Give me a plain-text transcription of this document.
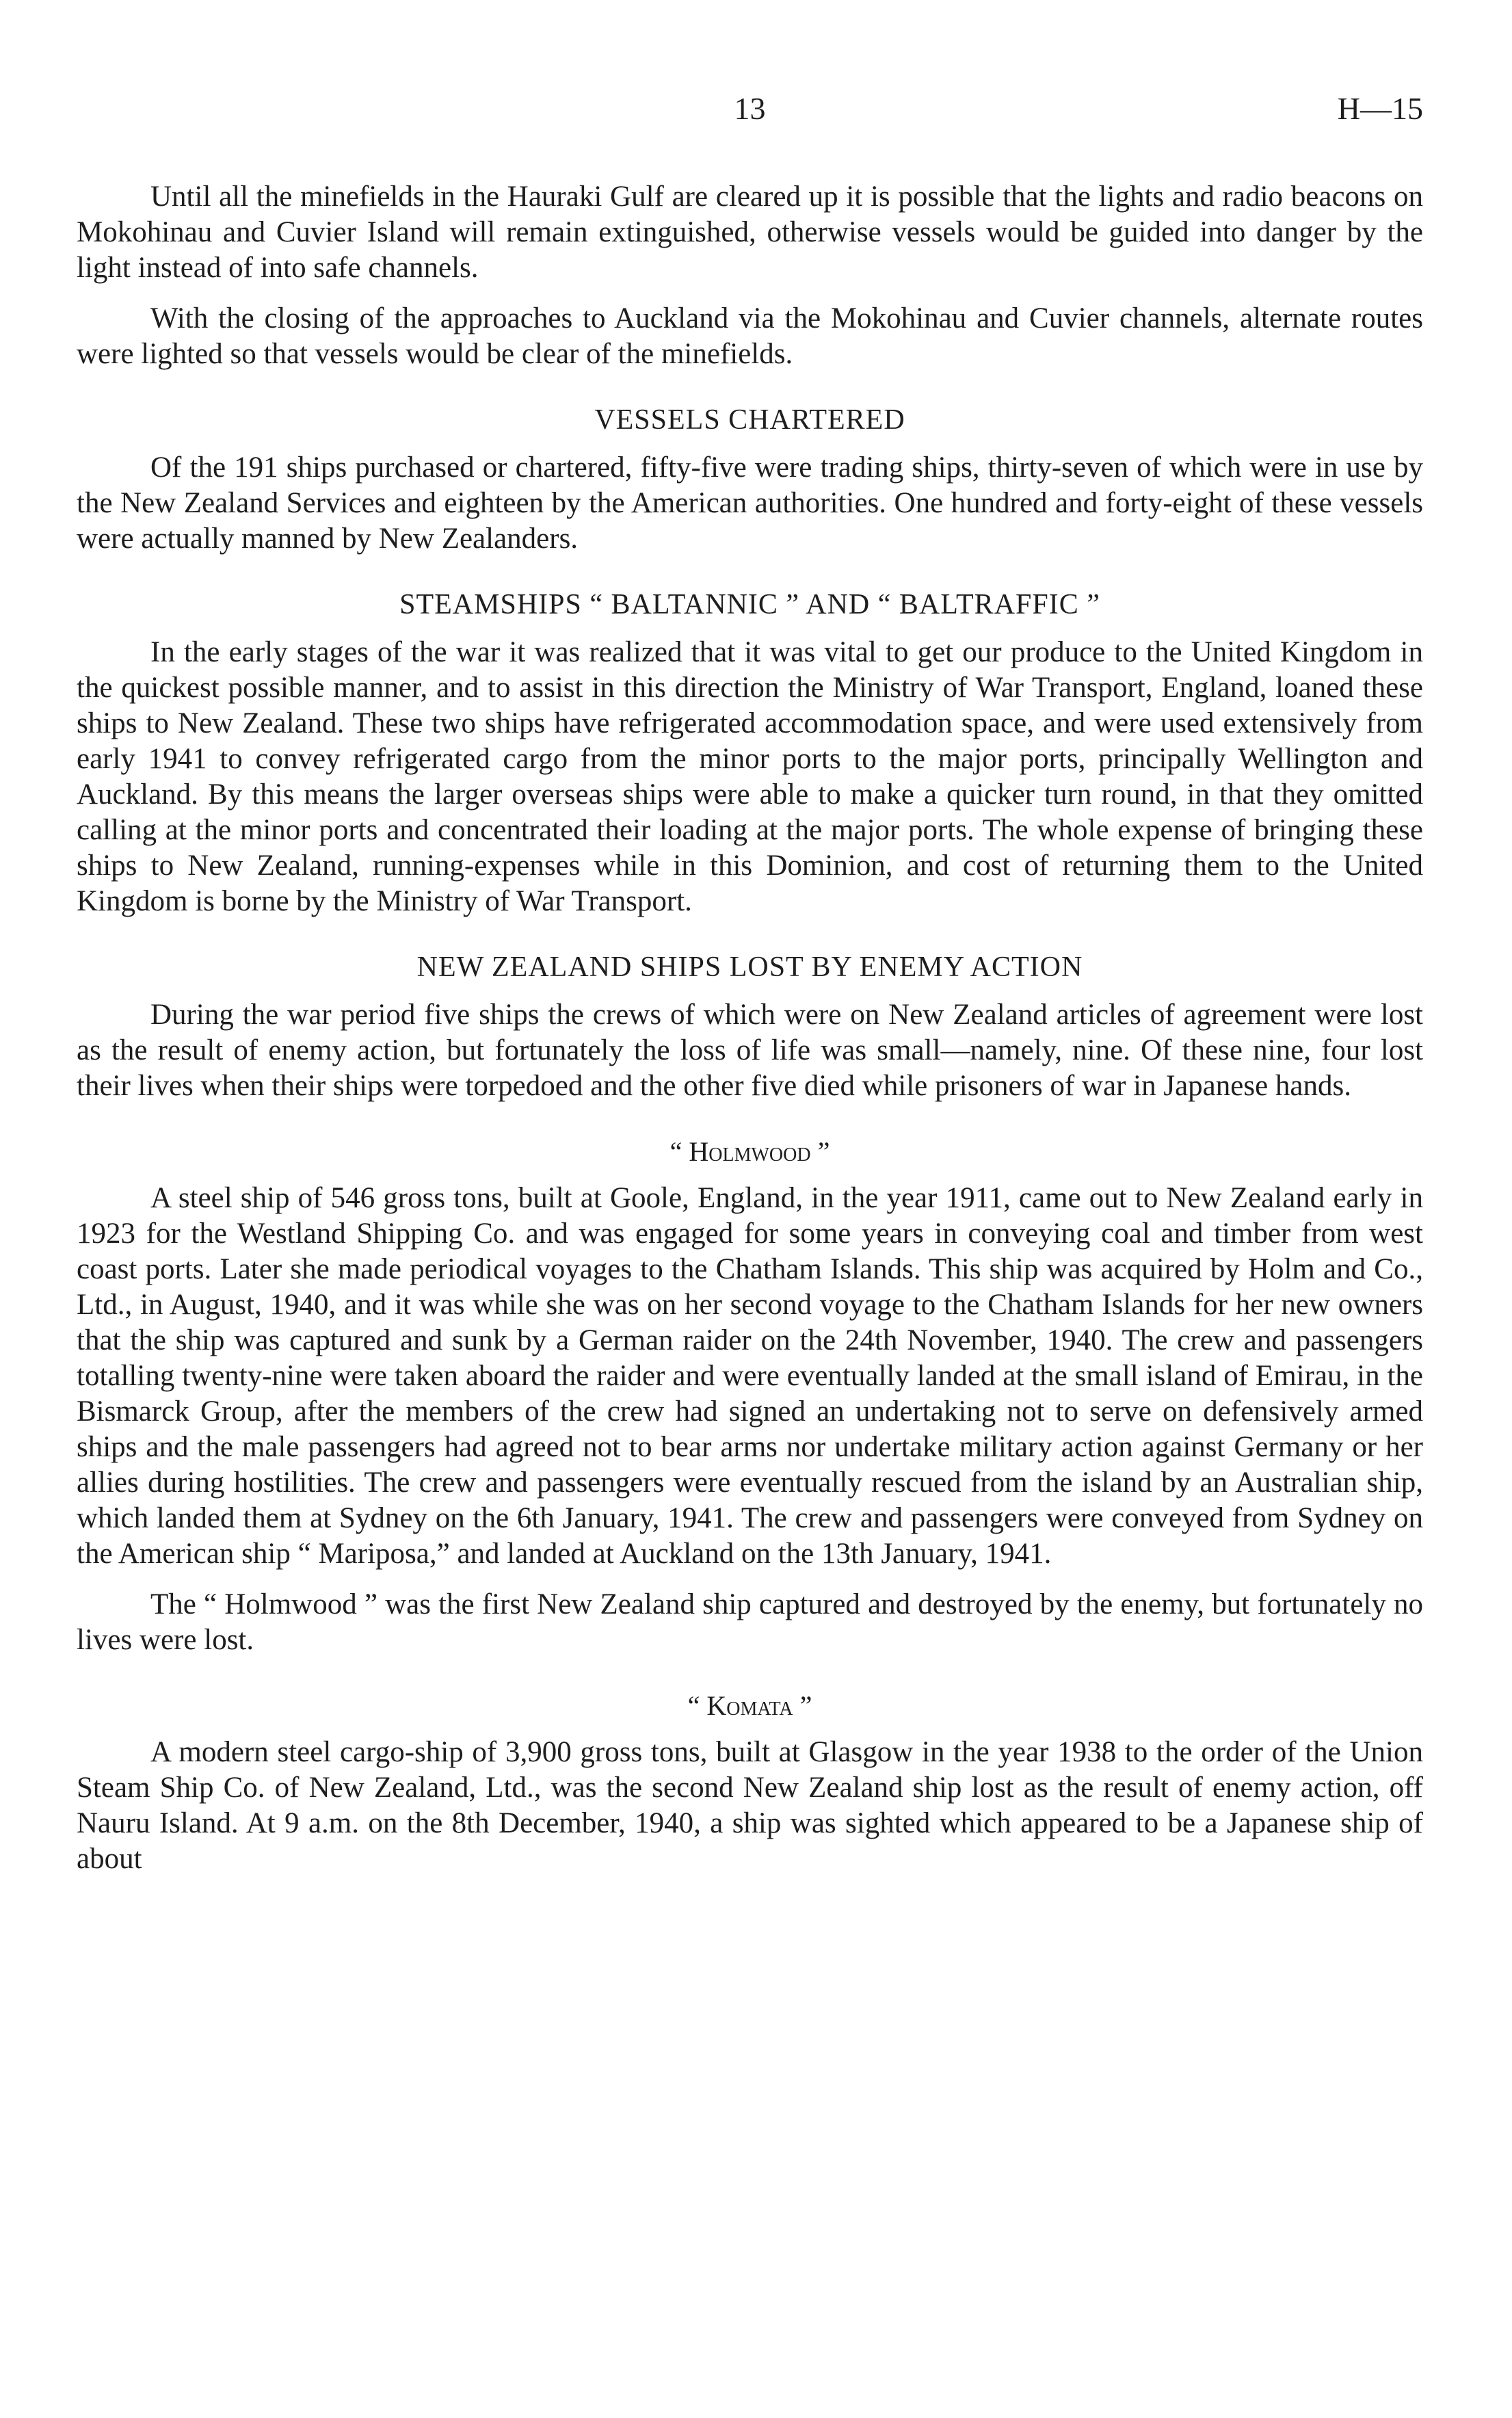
13	H—15

Until all the minefields in the Hauraki Gulf are cleared up it is possible that the lights and radio beacons on Mokohinau and Cuvier Island will remain extinguished, otherwise vessels would be guided into danger by the light instead of into safe channels.

With the closing of the approaches to Auckland via the Mokohinau and Cuvier channels, alternate routes were lighted so that vessels would be clear of the minefields.

VESSELS CHARTERED

Of the 191 ships purchased or chartered, fifty-five were trading ships, thirty-seven of which were in use by the New Zealand Services and eighteen by the American authorities. One hundred and forty-eight of these vessels were actually manned by New Zealanders.

STEAMSHIPS “ BALTANNIC ” AND “ BALTRAFFIC ”

In the early stages of the war it was realized that it was vital to get our produce to the United Kingdom in the quickest possible manner, and to assist in this direction the Ministry of War Transport, England, loaned these ships to New Zealand. These two ships have refrigerated accommodation space, and were used extensively from early 1941 to convey refrigerated cargo from the minor ports to the major ports, principally Wellington and Auckland. By this means the larger overseas ships were able to make a quicker turn round, in that they omitted calling at the minor ports and concentrated their loading at the major ports. The whole expense of bringing these ships to New Zealand, running-expenses while in this Dominion, and cost of returning them to the United Kingdom is borne by the Ministry of War Transport.

NEW ZEALAND SHIPS LOST BY ENEMY ACTION

During the war period five ships the crews of which were on New Zealand articles of agreement were lost as the result of enemy action, but fortunately the loss of life was small—namely, nine. Of these nine, four lost their lives when their ships were torpedoed and the other five died while prisoners of war in Japanese hands.

“ Holmwood ”

A steel ship of 546 gross tons, built at Goole, England, in the year 1911, came out to New Zealand early in 1923 for the Westland Shipping Co. and was engaged for some years in conveying coal and timber from west coast ports. Later she made periodical voyages to the Chatham Islands. This ship was acquired by Holm and Co., Ltd., in August, 1940, and it was while she was on her second voyage to the Chatham Islands for her new owners that the ship was captured and sunk by a German raider on the 24th November, 1940. The crew and passengers totalling twenty-nine were taken aboard the raider and were eventually landed at the small island of Emirau, in the Bismarck Group, after the members of the crew had signed an undertaking not to serve on defensively armed ships and the male passengers had agreed not to bear arms nor undertake military action against Germany or her allies during hostilities. The crew and passengers were eventually rescued from the island by an Australian ship, which landed them at Sydney on the 6th January, 1941. The crew and passengers were conveyed from Sydney on the American ship “ Mariposa,” and landed at Auckland on the 13th January, 1941.

The “ Holmwood ” was the first New Zealand ship captured and destroyed by the enemy, but fortunately no lives were lost.

“ Komata ”

A modern steel cargo-ship of 3,900 gross tons, built at Glasgow in the year 1938 to the order of the Union Steam Ship Co. of New Zealand, Ltd., was the second New Zealand ship lost as the result of enemy action, off Nauru Island. At 9 a.m. on the 8th December, 1940, a ship was sighted which appeared to be a Japanese ship of about
